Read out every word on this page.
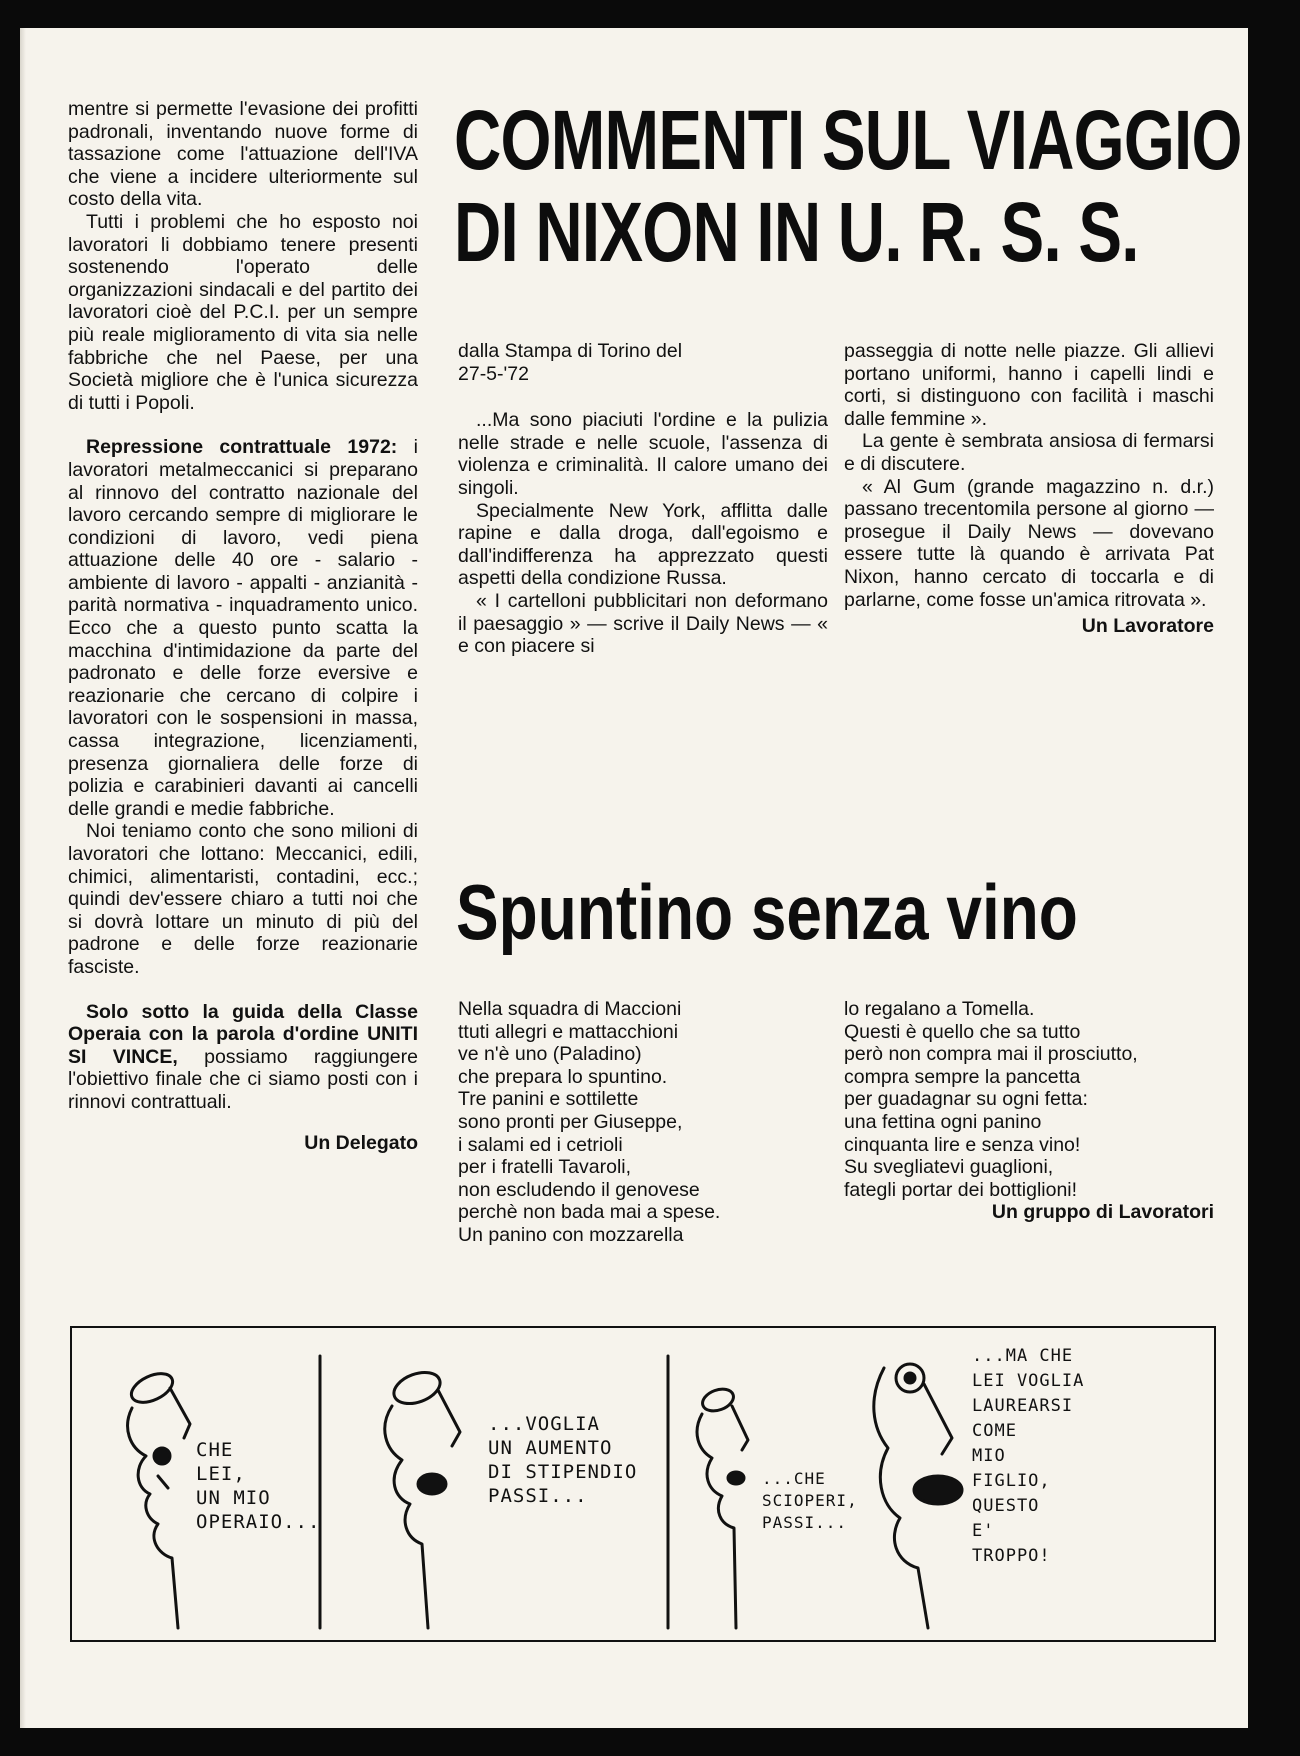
mentre si permette l'evasione dei profitti padronali, inventando nuove forme di tassazione come l'attuazione dell'IVA che viene a incidere ulteriormente sul costo della vita.

Tutti i problemi che ho esposto noi lavoratori li dobbiamo tenere presenti sostenendo l'operato delle organizzazioni sindacali e del partito dei lavoratori cioè del P.C.I. per un sempre più reale miglioramento di vita sia nelle fabbriche che nel Paese, per una Società migliore che è l'unica sicurezza di tutti i Popoli.

Repressione contrattuale 1972: i lavoratori metalmeccanici si preparano al rinnovo del contratto nazionale del lavoro cercando sempre di migliorare le condizioni di lavoro, vedi piena attuazione delle 40 ore - salario - ambiente di lavoro - appalti - anzianità - parità normativa - inquadramento unico. Ecco che a questo punto scatta la macchina d'intimidazione da parte del padronato e delle forze eversive e reazionarie che cercano di colpire i lavoratori con le sospensioni in massa, cassa integrazione, licenziamenti, presenza giornaliera delle forze di polizia e carabinieri davanti ai cancelli delle grandi e medie fabbriche.

Noi teniamo conto che sono milioni di lavoratori che lottano: Meccanici, edili, chimici, alimentaristi, contadini, ecc.; quindi dev'essere chiaro a tutti noi che si dovrà lottare un minuto di più del padrone e delle forze reazionarie fasciste.

Solo sotto la guida della Classe Operaia con la parola d'ordine UNITI SI VINCE, possiamo raggiungere l'obiettivo finale che ci siamo posti con i rinnovi contrattuali.

Un Delegato
COMMENTI SUL VIAGGIO
DI NIXON IN U. R. S. S.

dalla Stampa di Torino del 27-5-'72

...Ma sono piaciuti l'ordine e la pulizia nelle strade e nelle scuole, l'assenza di violenza e criminalità. Il calore umano dei singoli.

Specialmente New York, afflitta dalle rapine e dalla droga, dall'egoismo e dall'indifferenza ha apprezzato questi aspetti della condizione Russa.

« I cartelloni pubblicitari non deformano il paesaggio » — scrive il Daily News — « e con piacere si

passeggia di notte nelle piazze. Gli allievi portano uniformi, hanno i capelli lindi e corti, si distinguono con facilità i maschi dalle femmine ».

La gente è sembrata ansiosa di fermarsi e di discutere.

« Al Gum (grande magazzino n. d.r.) passano trecentomila persone al giorno — prosegue il Daily News — dovevano essere tutte là quando è arrivata Pat Nixon, hanno cercato di toccarla e di parlarne, come fosse un'amica ritrovata ».

Un Lavoratore
Spuntino senza vino

Nella squadra di Maccioni

ttuti allegri e mattacchioni

ve n'è uno (Paladino)

che prepara lo spuntino.

Tre panini e sottilette

sono pronti per Giuseppe,

i salami ed i cetrioli

per i fratelli Tavaroli,

non escludendo il genovese

perchè non bada mai a spese.

Un panino con mozzarella

lo regalano a Tomella.

Questi è quello che sa tutto

però non compra mai il prosciutto,

compra sempre la pancetta

per guadagnar su ogni fetta:

una fettina ogni panino

cinquanta lire e senza vino!

Su svegliatevi guaglioni,

fategli portar dei bottiglioni!

Un gruppo di Lavoratori
CHE
LEI,
UN MIO
OPERAIO...
...VOGLIA
UN AUMENTO
DI STIPENDIO
PASSI...
...CHE
SCIOPERI,
PASSI...
...MA CHE
LEI VOGLIA
LAUREARSI
COME
MIO
FIGLIO,
QUESTO
E'
TROPPO!
